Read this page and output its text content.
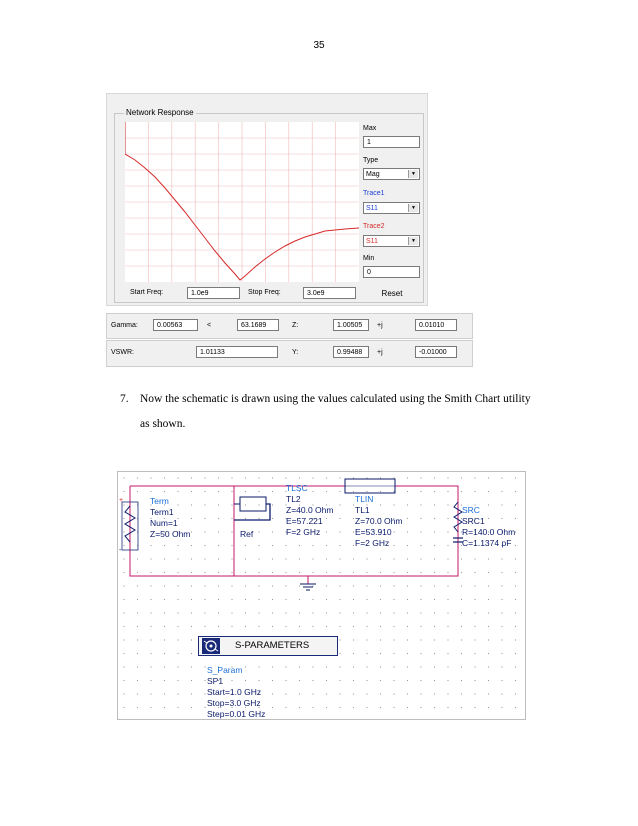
35
Network Response
Max
1
Type
Mag	▼
Trace1
S11	▼
Trace2
S11	▼
Min
0
Start Freq:	1.0e9	Stop Freq:	3.0e9	Reset
Gamma:	0.00563	<	63.1689	Z:	1.00505	+j	0.01010
VSWR:	1.01133	Y:	0.99488	+j	-0.01000
7. Now the schematic is drawn using the values calculated using the Smith Chart utility
as shown.
+
-
Term
Term1
Num=1
Z=50 Ohm
TLSC
TL2
Z=40.0 Ohm
E=57.221
F=2 GHz
Ref
TLIN
TL1
Z=70.0 Ohm
E=53.910
F=2 GHz
SRC
SRC1
R=140.0 Ohm
C=1.1374 pF
S-PARAMETERS
S_Param
SP1
Start=1.0 GHz
Stop=3.0 GHz
Step=0.01 GHz
